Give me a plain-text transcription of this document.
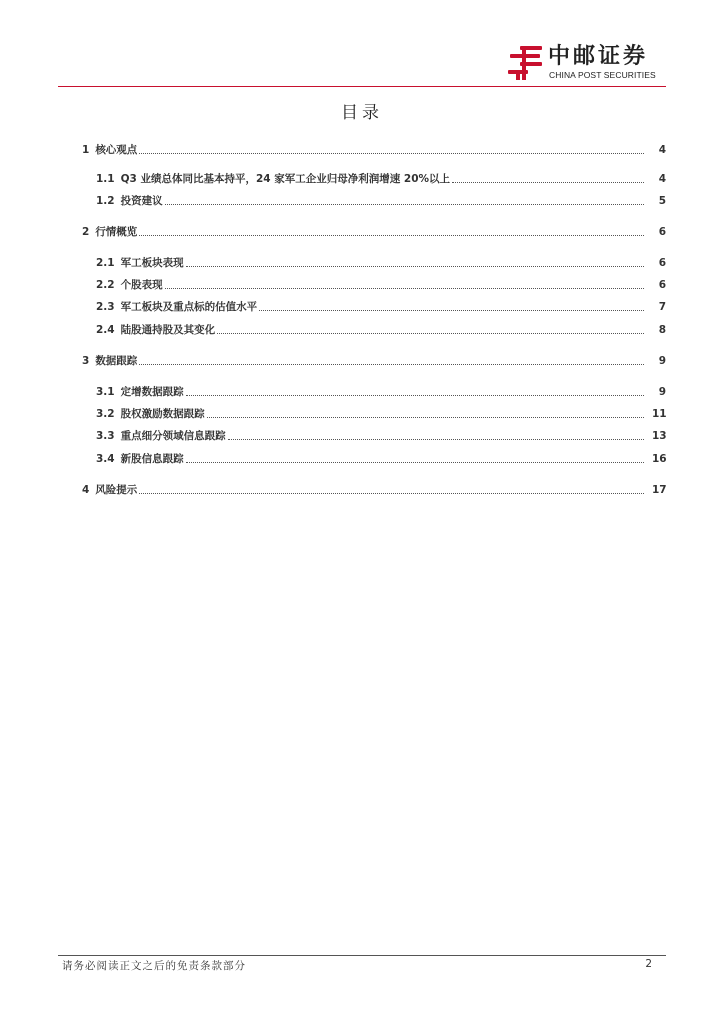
中邮证券
CHINA POST SECURITIES
目录
1 核心观点	4
1.1 Q3 业绩总体同比基本持平，24 家军工企业归母净利润增速 20%以上	4
1.2 投资建议	5
2 行情概览	6
2.1 军工板块表现	6
2.2 个股表现	6
2.3 军工板块及重点标的估值水平	7
2.4 陆股通持股及其变化	8
3 数据跟踪	9
3.1 定增数据跟踪	9
3.2 股权激励数据跟踪	11
3.3 重点细分领域信息跟踪	13
3.4 新股信息跟踪	16
4 风险提示	17
请务必阅读正文之后的免责条款部分	2
